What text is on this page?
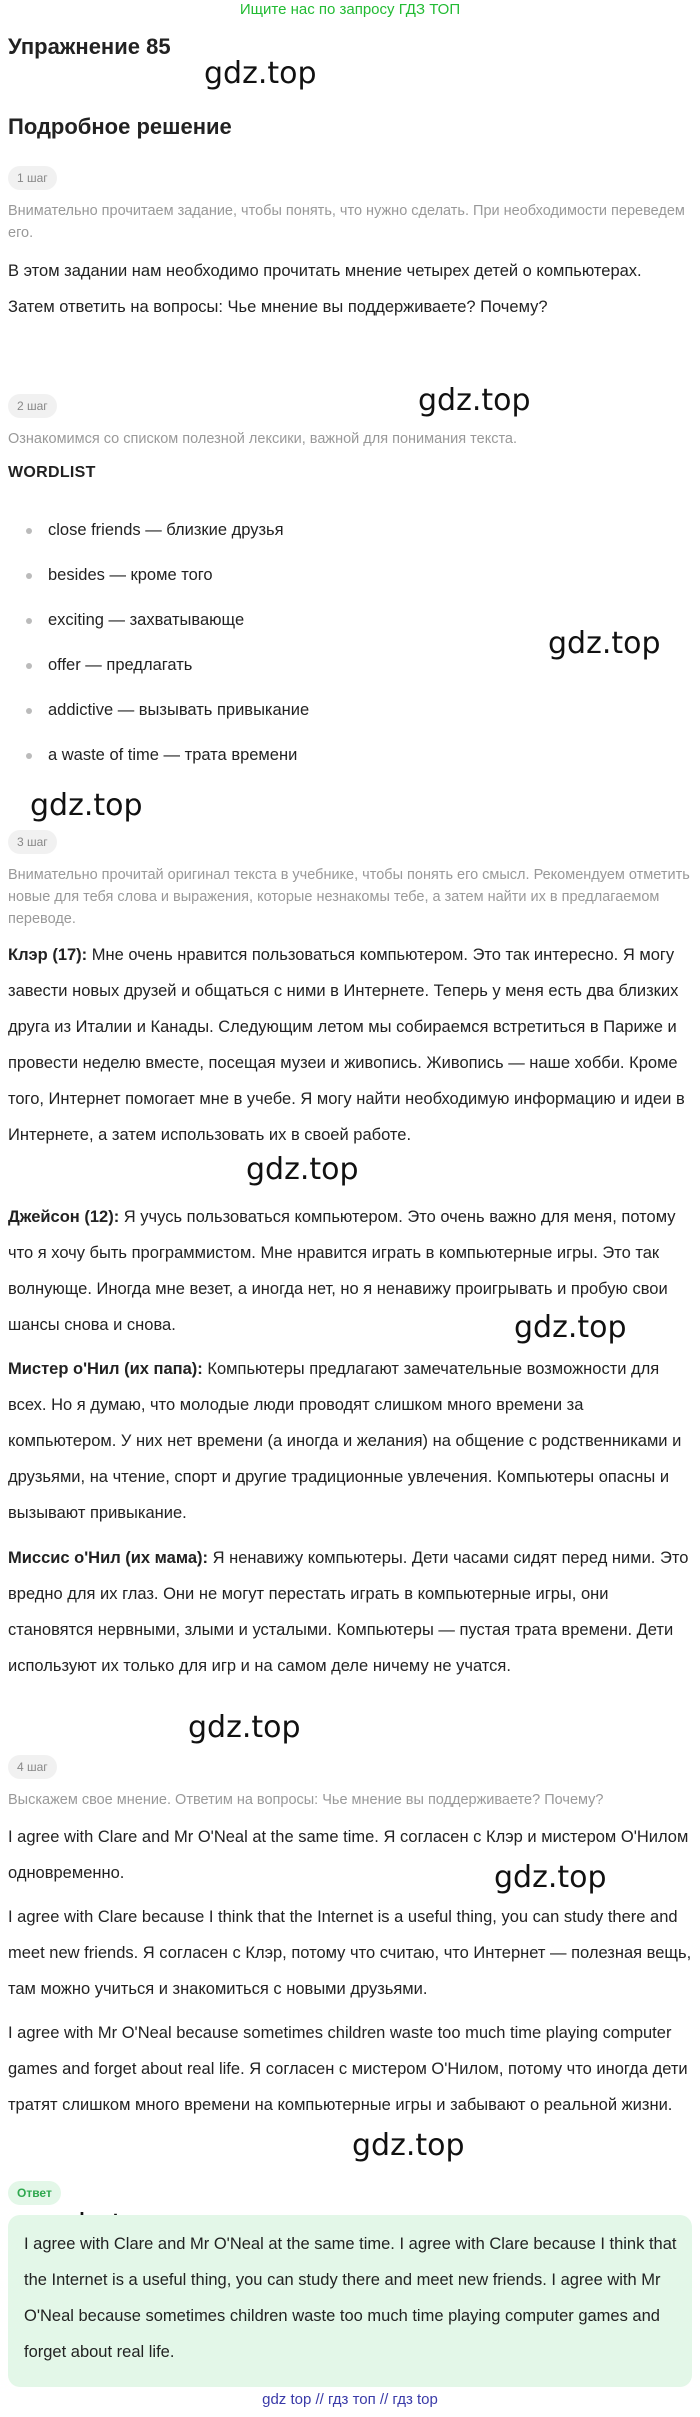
Ищите нас по запросу ГДЗ ТОП
Упражнение 85
Подробное решение
gdz.top
gdz.top
gdz.top
gdz.top
gdz.top
gdz.top
gdz.top
gdz.top
gdz.top
1 шаг
Внимательно прочитаем задание, чтобы понять, что нужно сделать. При необходимости переведем его.
В этом задании нам необходимо прочитать мнение четырех детей о компьютерах. Затем ответить на вопросы: Чье мнение вы поддерживаете? Почему?
2 шаг
Ознакомимся со списком полезной лексики, важной для понимания текста.
WORDLIST
close friends — близкие друзья
besides — кроме того
exciting — захватывающе
offer — предлагать
addictive — вызывать привыкание
a waste of time — трата времени
3 шаг
Внимательно прочитай оригинал текста в учебнике, чтобы понять его смысл. Рекомендуем отметить новые для тебя слова и выражения, которые незнакомы тебе, а затем найти их в предлагаемом переводе.
Клэр (17): Мне очень нравится пользоваться компьютером. Это так интересно. Я могу завести новых друзей и общаться с ними в Интернете. Теперь у меня есть два близких друга из Италии и Канады. Следующим летом мы собираемся встретиться в Париже и провести неделю вместе, посещая музеи и живопись. Живопись — наше хобби. Кроме того, Интернет помогает мне в учебе. Я могу найти необходимую информацию и идеи в Интернете, а затем использовать их в своей работе.
Джейсон (12): Я учусь пользоваться компьютером. Это очень важно для меня, потому что я хочу быть программистом. Мне нравится играть в компьютерные игры. Это так волнующе. Иногда мне везет, а иногда нет, но я ненавижу проигрывать и пробую свои шансы снова и снова.
Мистер о'Нил (их папа): Компьютеры предлагают замечательные возможности для всех. Но я думаю, что молодые люди проводят слишком много времени за компьютером. У них нет времени (а иногда и желания) на общение с родственниками и друзьями, на чтение, спорт и другие традиционные увлечения. Компьютеры опасны и вызывают привыкание.
Миссис о'Нил (их мама): Я ненавижу компьютеры. Дети часами сидят перед ними. Это вредно для их глаз. Они не могут перестать играть в компьютерные игры, они становятся нервными, злыми и усталыми. Компьютеры — пустая трата времени. Дети используют их только для игр и на самом деле ничему не учатся.
4 шаг
Выскажем свое мнение. Ответим на вопросы: Чье мнение вы поддерживаете? Почему?
I agree with Clare and Mr O'Neal at the same time. Я согласен с Клэр и мистером О'Нилом одновременно.
I agree with Clare because I think that the Internet is a useful thing, you can study there and meet new friends. Я согласен с Клэр, потому что считаю, что Интернет — полезная вещь, там можно учиться и знакомиться с новыми друзьями.
I agree with Mr O'Neal because sometimes children waste too much time playing computer games and forget about real life. Я согласен с мистером О'Нилом, потому что иногда дети тратят слишком много времени на компьютерные игры и забывают о реальной жизни.
Ответ
I agree with Clare and Mr O'Neal at the same time. I agree with Clare because I think that the Internet is a useful thing, you can study there and meet new friends. I agree with Mr O'Neal because sometimes children waste too much time playing computer games and forget about real life.
gdz top // гдз топ // гдз top
